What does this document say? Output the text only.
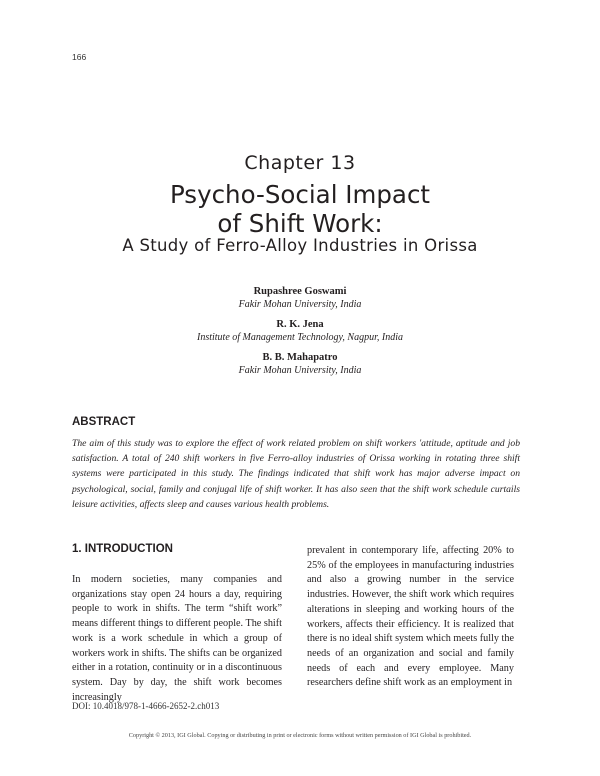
166
Chapter 13
Psycho-Social Impact
of Shift Work:
A Study of Ferro-Alloy Industries in Orissa
Rupashree Goswami
Fakir Mohan University, India
R. K. Jena
Institute of Management Technology, Nagpur, India
B. B. Mahapatro
Fakir Mohan University, India
ABSTRACT
The aim of this study was to explore the effect of work related problem on shift workers 'attitude, aptitude and job satisfaction. A total of 240 shift workers in five Ferro-alloy industries of Orissa working in rotating three shift systems were participated in this study. The findings indicated that shift work has major adverse impact on psychological, social, family and conjugal life of shift worker. It has also seen that the shift work schedule curtails leisure activities, affects sleep and causes various health problems.
1. INTRODUCTION
In modern societies, many companies and organizations stay open 24 hours a day, requiring people to work in shifts. The term “shift work” means different things to different people. The shift work is a work schedule in which a group of workers work in shifts. The shifts can be organized either in a rotation, continuity or in a discontinuous system. Day by day, the shift work becomes increasingly
prevalent in contemporary life, affecting 20% to 25% of the employees in manufacturing industries and also a growing number in the service industries. However, the shift work which requires alterations in sleeping and working hours of the workers, affects their efficiency. It is realized that there is no ideal shift system which meets fully the needs of an organization and social and family needs of each and every employee. Many researchers define shift work as an employment in
DOI: 10.4018/978-1-4666-2652-2.ch013
Copyright © 2013, IGI Global. Copying or distributing in print or electronic forms without written permission of IGI Global is prohibited.
